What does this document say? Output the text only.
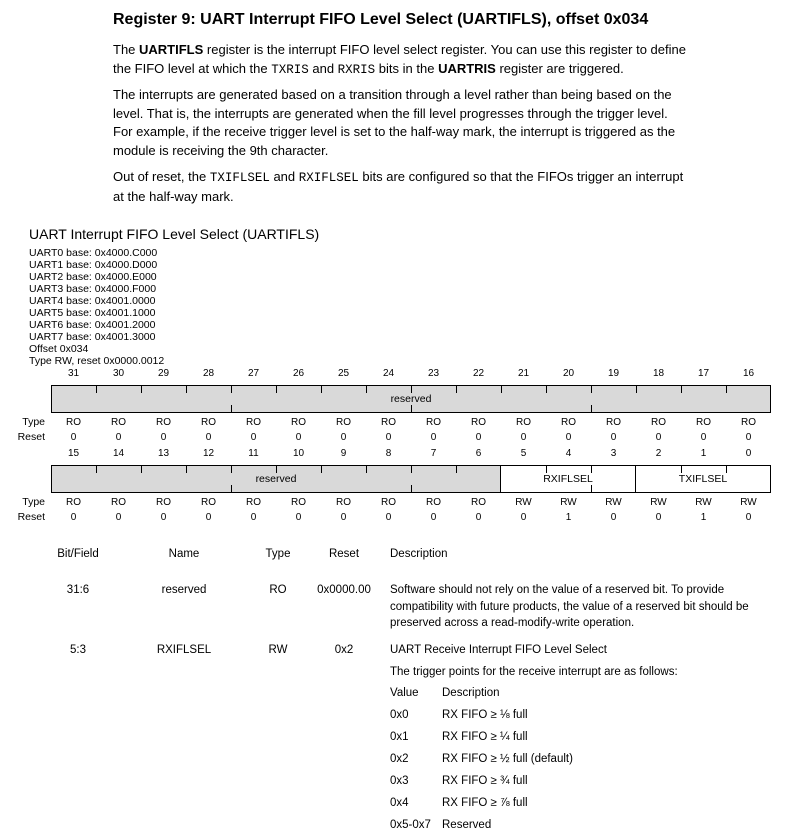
Register 9: UART Interrupt FIFO Level Select (UARTIFLS), offset 0x034
The UARTIFLS register is the interrupt FIFO level select register. You can use this register to define
the FIFO level at which the TXRIS and RXRIS bits in the UARTRIS register are triggered.
The interrupts are generated based on a transition through a level rather than being based on the
level. That is, the interrupts are generated when the fill level progresses through the trigger level.
For example, if the receive trigger level is set to the half-way mark, the interrupt is triggered as the
module is receiving the 9th character.
Out of reset, the TXIFLSEL and RXIFLSEL bits are configured so that the FIFOs trigger an interrupt
at the half-way mark.
UART Interrupt FIFO Level Select (UARTIFLS)
UART0 base: 0x4000.C000
UART1 base: 0x4000.D000
UART2 base: 0x4000.E000
UART3 base: 0x4000.F000
UART4 base: 0x4001.0000
UART5 base: 0x4001.1000
UART6 base: 0x4001.2000
UART7 base: 0x4001.3000
Offset 0x034
Type RW, reset 0x0000.0012
31	30	29	28	27	26	25	24	23	22	21	20	19	18	17	16
reserved
Type	RO	RO	RO	RO	RO	RO	RO	RO	RO	RO	RO	RO	RO	RO	RO	RO
Reset	0	0	0	0	0	0	0	0	0	0	0	0	0	0	0	0
15	14	13	12	11	10	9	8	7	6	5	4	3	2	1	0
reserved	RXIFLSEL	TXIFLSEL
Type	RO	RO	RO	RO	RO	RO	RO	RO	RO	RO	RW	RW	RW	RW	RW	RW
Reset	0	0	0	0	0	0	0	0	0	0	0	1	0	0	1	0
Bit/Field	Name	Type	Reset	Description
31:6	reserved	RO	0x0000.00	Software should not rely on the value of a reserved bit. To provide
compatibility with future products, the value of a reserved bit should be
preserved across a read-modify-write operation.
5:3	RXIFLSEL	RW	0x2	UART Receive Interrupt FIFO Level Select
The trigger points for the receive interrupt are as follows:
Value	Description
0x0	RX FIFO ≥ ⅛ full
0x1	RX FIFO ≥ ¼ full
0x2	RX FIFO ≥ ½ full (default)
0x3	RX FIFO ≥ ¾ full
0x4	RX FIFO ≥ ⅞ full
0x5-0x7 Reserved
